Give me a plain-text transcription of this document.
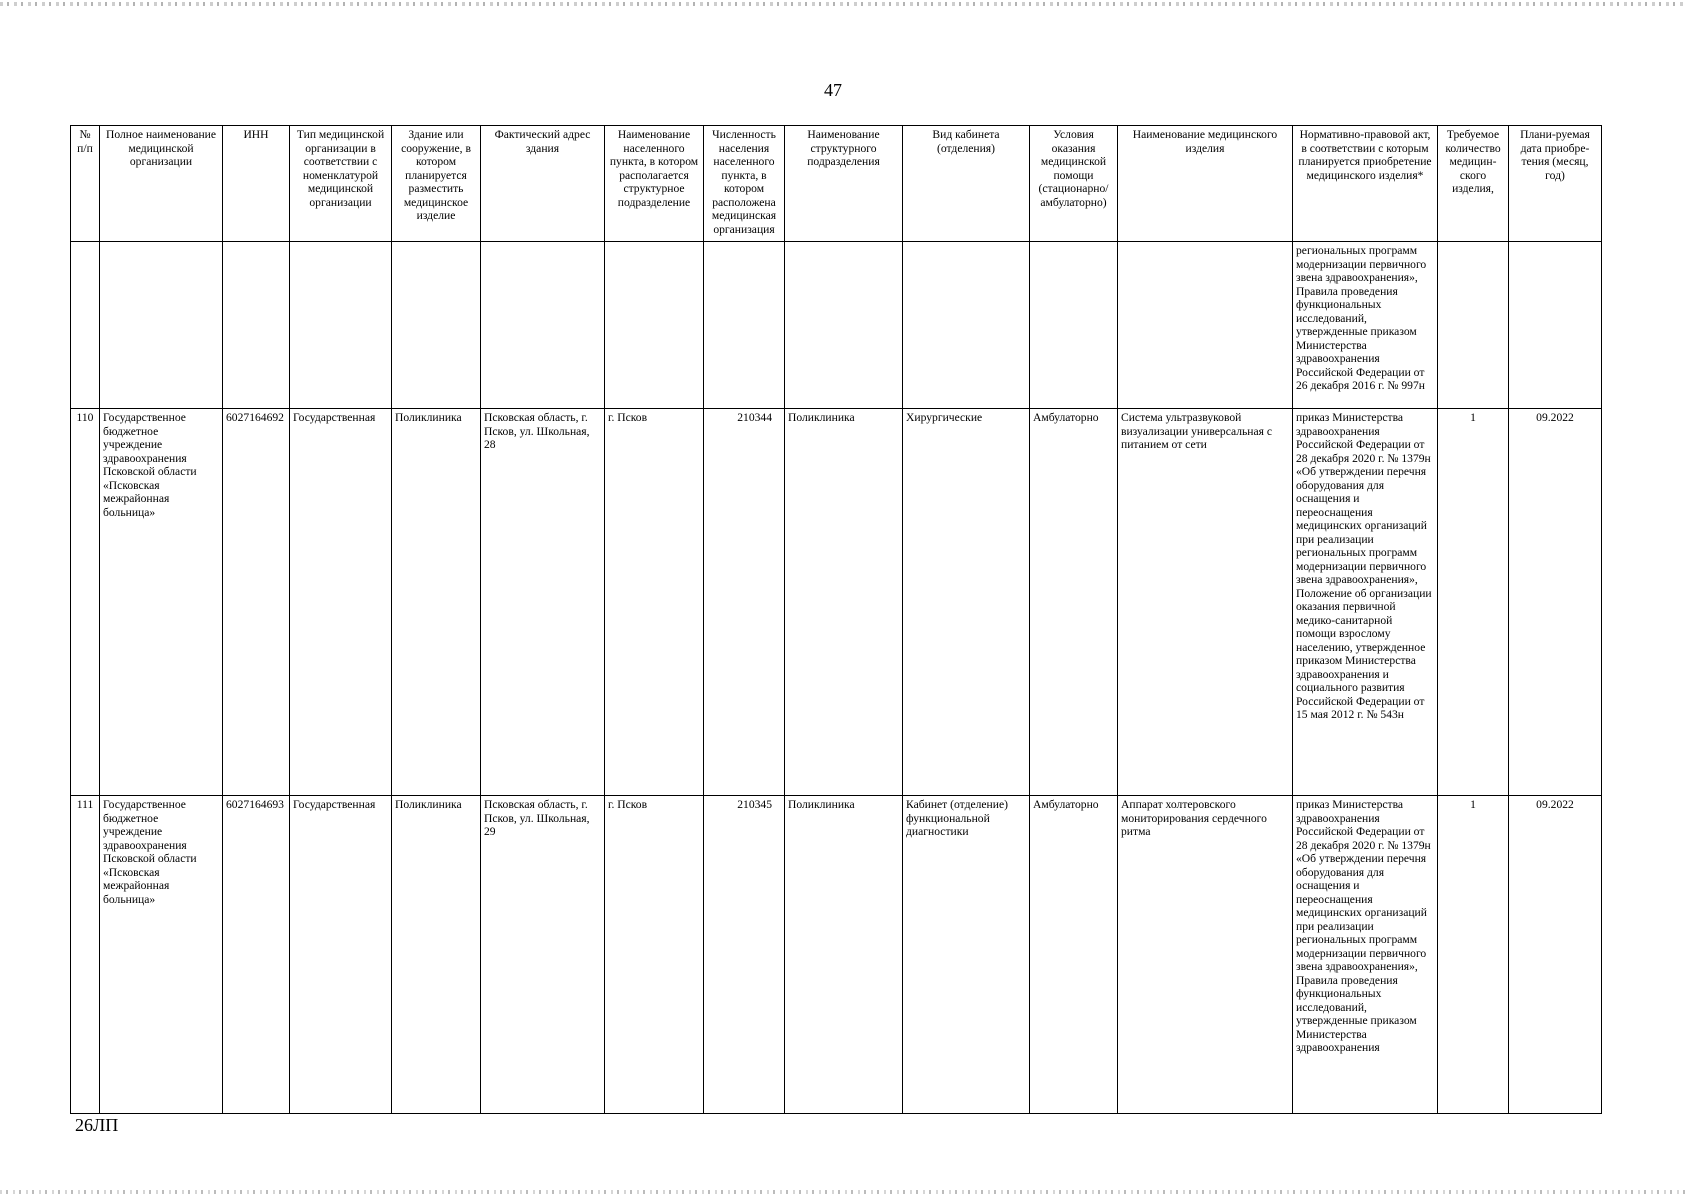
47
№ п/п	Полное наименование медицинской организации	ИНН	Тип медицинской организации в соответствии с номенклатурой медицинской организации	Здание или сооружение, в котором планируется разместить медицинское изделие	Фактический адрес здания	Наименование населенного пункта, в котором располагается структурное подразделение	Численность населения населенного пункта, в котором расположена медицинская организация	Наименование структурного подразделения	Вид кабинета (отделения)	Условия оказания медицинской помощи (стационарно/ амбулаторно)	Наименование медицинского изделия	Нормативно-правовой акт, в соответствии с которым планируется приобретение медицинского изделия*	Требуемое количество медицин-ского изделия,	Плани-руемая дата приобре-тения (месяц, год)
												региональных программ модернизации первичного звена здравоохранения», Правила проведения функциональных исследований, утвержденные приказом Министерства здравоохранения Российской Федерации от 26 декабря 2016 г. № 997н		
110	Государственное бюджетное учреждение здравоохранения Псковской области «Псковская межрайонная больница»	6027164692	Государственная	Поликлиника	Псковская область, г. Псков, ул. Школьная, 28	г. Псков	210344	Поликлиника	Хирургические	Амбулаторно	Система ультразвуковой визуализации универсальная с питанием от сети	приказ Министерства здравоохранения Российской Федерации от 28 декабря 2020 г. № 1379н «Об утверждении перечня оборудования для оснащения и переоснащения медицинских организаций при реализации региональных программ модернизации первичного звена здравоохранения», Положение об организации оказания первичной медико-санитарной помощи взрослому населению, утвержденное приказом Министерства здравоохранения и социального развития Российской Федерации от 15 мая 2012 г. № 543н	1	09.2022
111	Государственное бюджетное учреждение здравоохранения Псковской области «Псковская межрайонная больница»	6027164693	Государственная	Поликлиника	Псковская область, г. Псков, ул. Школьная, 29	г. Псков	210345	Поликлиника	Кабинет (отделение) функциональной диагностики	Амбулаторно	Аппарат холтеровского мониторирования сердечного ритма	приказ Министерства здравоохранения Российской Федерации от 28 декабря 2020 г. № 1379н «Об утверждении перечня оборудования для оснащения и переоснащения медицинских организаций при реализации региональных программ модернизации первичного звена здравоохранения», Правила проведения функциональных исследований, утвержденные приказом Министерства здравоохранения	1	09.2022
26ЛП
